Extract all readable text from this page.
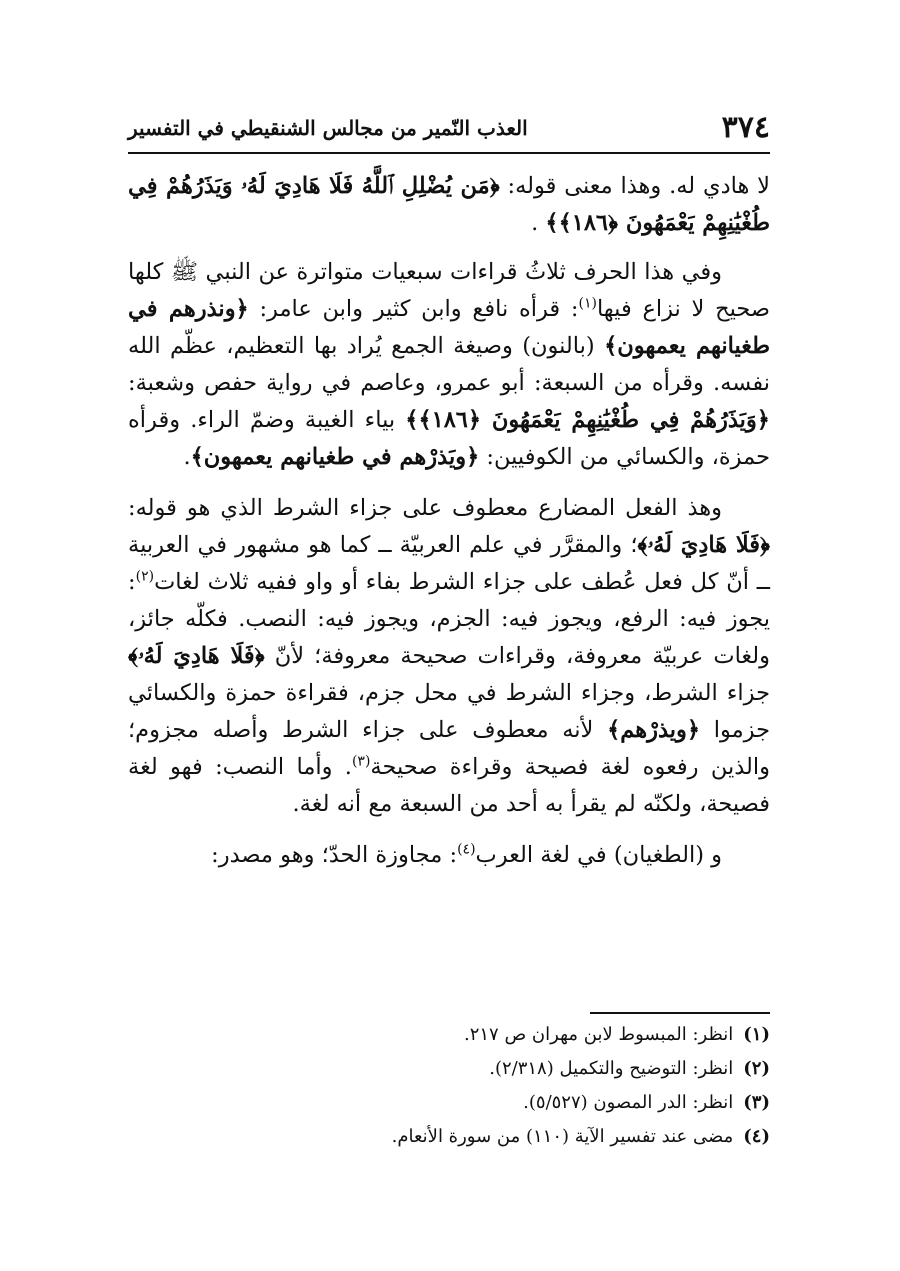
٣٧٤
العذب النّمير من مجالس الشنقيطي في التفسير

لا هادي له. وهذا معنى قوله: ﴿مَن يُضْلِلِ ٱللَّهُ فَلَا هَادِيَ لَهُۥ وَيَذَرُهُمْ فِي طُغْيَٰنِهِمْ يَعْمَهُونَ ﴿١٨٦﴾﴾ .

وفي هذا الحرف ثلاثُ قراءات سبعيات متواترة عن النبي ﷺ كلها صحيح لا نزاع فيها$^{(١)}$: قرأه نافع وابن كثير وابن عامر: ﴿ونذرهم في طغيانهم يعمهون﴾ (بالنون) وصيغة الجمع يُراد بها التعظيم، عظّم الله نفسه. وقرأه من السبعة: أبو عمرو، وعاصم في رواية حفص وشعبة: ﴿وَيَذَرُهُمْ فِي طُغْيَٰنِهِمْ يَعْمَهُونَ ﴿١٨٦﴾﴾ بياء الغيبة وضمّ الراء. وقرأه حمزة، والكسائي من الكوفيين: ﴿ويَذرْهم في طغيانهم يعمهون﴾.

وهذ الفعل المضارع معطوف على جزاء الشرط الذي هو قوله: ﴿فَلَا هَادِيَ لَهُۥ﴾؛ والمقرَّر في علم العربيّة ــ كما هو مشهور في العربية ــ أنّ كل فعل عُطف على جزاء الشرط بفاء أو واو ففيه ثلاث لغات$^{(٢)}$: يجوز فيه: الرفع، ويجوز فيه: الجزم، ويجوز فيه: النصب. فكلّه جائز، ولغات عربيّة معروفة، وقراءات صحيحة معروفة؛ لأنّ ﴿فَلَا هَادِيَ لَهُۥ﴾ جزاء الشرط، وجزاء الشرط في محل جزم، فقراءة حمزة والكسائي جزموا ﴿ويذرْهم﴾ لأنه معطوف على جزاء الشرط وأصله مجزوم؛ والذين رفعوه لغة فصيحة وقراءة صحيحة$^{(٣)}$. وأما النصب: فهو لغة فصيحة، ولكنّه لم يقرأ به أحد من السبعة مع أنه لغة.

و (الطغيان) في لغة العرب$^{(٤)}$: مجاوزة الحدّ؛ وهو مصدر:

(١)انظر: المبسوط لابن مهران ص ٢١٧.
(٢)انظر: التوضيح والتكميل (٢/٣١٨).
(٣)انظر: الدر المصون (٥/٥٢٧).
(٤)مضى عند تفسير الآية (١١٠) من سورة الأنعام.
